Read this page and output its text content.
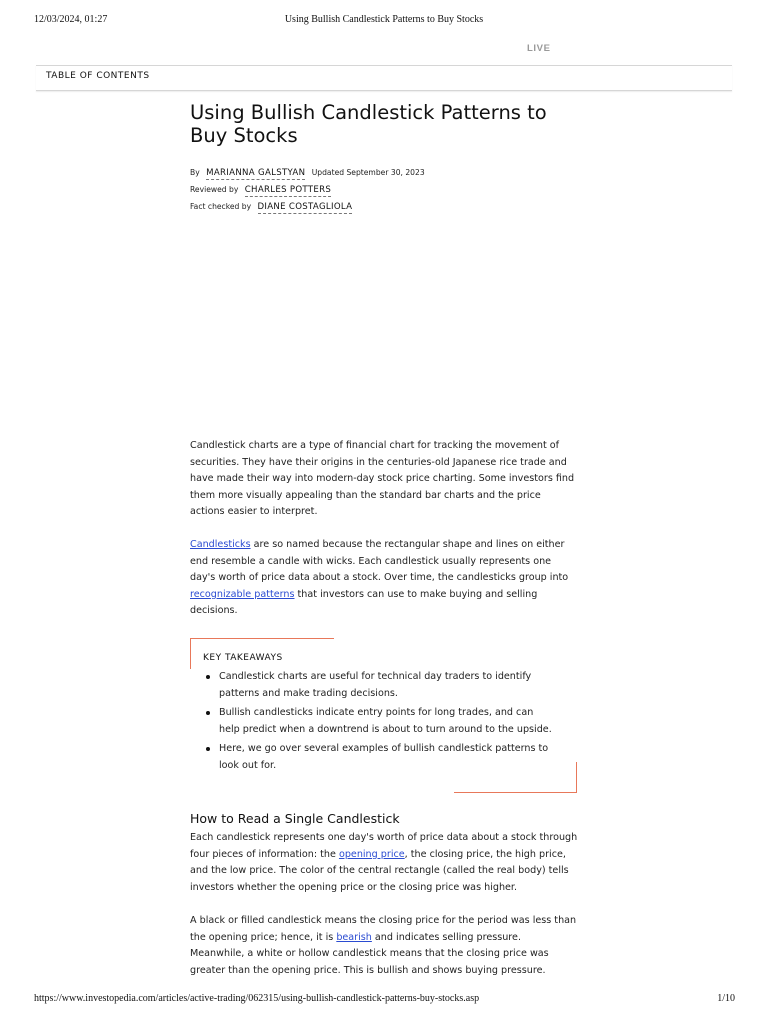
12/03/2024, 01:27	Using Bullish Candlestick Patterns to Buy Stocks
LIVE
TABLE OF CONTENTS
Using Bullish Candlestick Patterns to Buy Stocks
By MARIANNA GALSTYAN Updated September 30, 2023
Reviewed by CHARLES POTTERS
Fact checked by DIANE COSTAGLIOLA

Candlestick charts are a type of financial chart for tracking the movement of securities. They have their origins in the centuries-old Japanese rice trade and have made their way into modern-day stock price charting. Some investors find them more visually appealing than the standard bar charts and the price actions easier to interpret.

Candlesticks are so named because the rectangular shape and lines on either end resemble a candle with wicks. Each candlestick usually represents one day's worth of price data about a stock. Over time, the candlesticks group into recognizable patterns that investors can use to make buying and selling decisions.

KEY TAKEAWAYS
Candlestick charts are useful for technical day traders to identify patterns and make trading decisions.
Bullish candlesticks indicate entry points for long trades, and can help predict when a downtrend is about to turn around to the upside.
Here, we go over several examples of bullish candlestick patterns to look out for.
How to Read a Single Candlestick

Each candlestick represents one day's worth of price data about a stock through four pieces of information: the opening price, the closing price, the high price, and the low price. The color of the central rectangle (called the real body) tells investors whether the opening price or the closing price was higher.

A black or filled candlestick means the closing price for the period was less than the opening price; hence, it is bearish and indicates selling pressure. Meanwhile, a white or hollow candlestick means that the closing price was greater than the opening price. This is bullish and shows buying pressure.

https://www.investopedia.com/articles/active-trading/062315/using-bullish-candlestick-patterns-buy-stocks.asp	1/10
